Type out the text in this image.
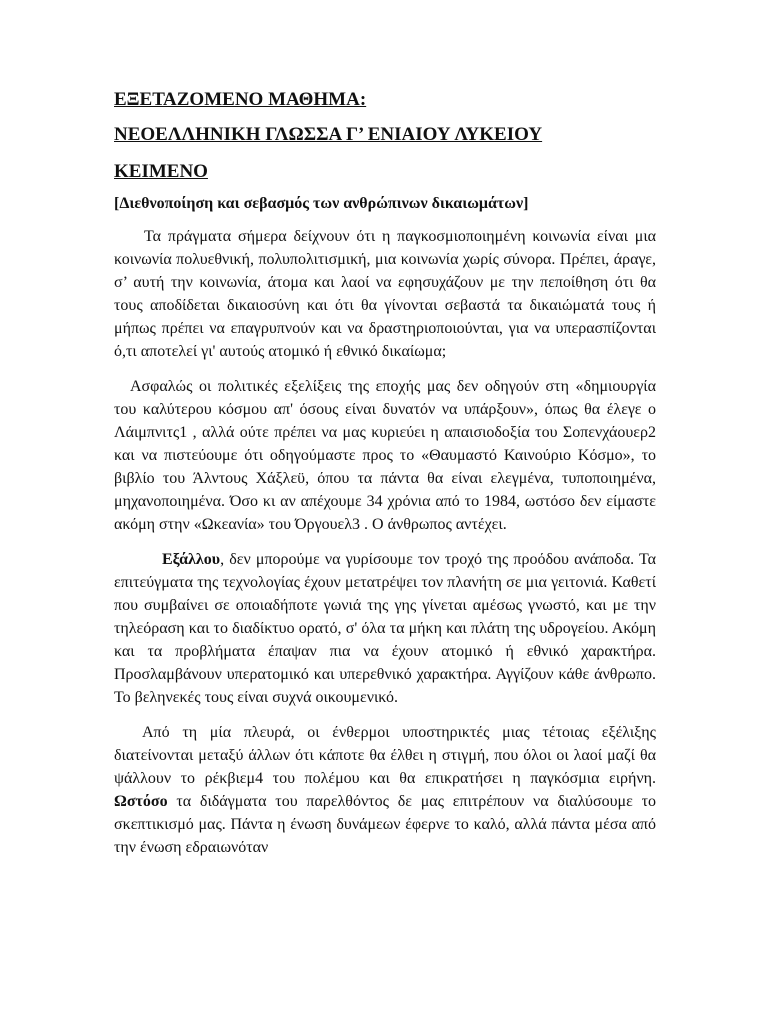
ΕΞΕΤΑΖΟΜΕΝΟ ΜΑΘΗΜΑ:

ΝΕΟΕΛΛΗΝΙΚΗ ΓΛΩΣΣΑ Γ’ ΕΝΙΑΙΟΥ ΛΥΚΕΙΟΥ

ΚΕΙΜΕΝΟ

[Διεθνοποίηση και σεβασμός των ανθρώπινων δικαιωμάτων]

Τα πράγματα σήμερα δείχνουν ότι η παγκοσμιοποιημένη κοινωνία είναι μια κοινωνία πολυεθνική, πολυπολιτισμική, μια κοινωνία χωρίς σύνορα. Πρέπει, άραγε, σ’ αυτή την κοινωνία, άτομα και λαοί να εφησυχάζουν με την πεποίθηση ότι θα τους αποδίδεται δικαιοσύνη και ότι θα γίνονται σεβαστά τα δικαιώματά τους ή μήπως πρέπει να επαγρυπνούν και να δραστηριοποιούνται, για να υπερασπίζονται ό,τι αποτελεί γι' αυτούς ατομικό ή εθνικό δικαίωμα;

Ασφαλώς οι πολιτικές εξελίξεις της εποχής μας δεν οδηγούν στη «δημιουργία του καλύτερου κόσμου απ' όσους είναι δυνατόν να υπάρξουν», όπως θα έλεγε ο Λάιμπνιτς1 , αλλά ούτε πρέπει να μας κυριεύει η απαισιοδοξία του Σοπενχάουερ2 και να πιστεύουμε ότι οδηγούμαστε προς το «Θαυμαστό Καινούριο Κόσμο», το βιβλίο του Άλντους Χάξλεϋ, όπου τα πάντα θα είναι ελεγμένα, τυποποιημένα, μηχανοποιημένα. Όσο κι αν απέχουμε 34 χρόνια από το 1984, ωστόσο δεν είμαστε ακόμη στην «Ωκεανία» του Όργουελ3 . Ο άνθρωπος αντέχει.

Εξάλλου, δεν μπορούμε να γυρίσουμε τον τροχό της προόδου ανάποδα. Τα επιτεύγματα της τεχνολογίας έχουν μετατρέψει τον πλανήτη σε μια γειτονιά. Καθετί που συμβαίνει σε οποιαδήποτε γωνιά της γης γίνεται αμέσως γνωστό, και με την τηλεόραση και το διαδίκτυο ορατό, σ' όλα τα μήκη και πλάτη της υδρογείου. Ακόμη και τα προβλήματα έπαψαν πια να έχουν ατομικό ή εθνικό χαρακτήρα. Προσλαμβάνουν υπερατομικό και υπερεθνικό χαρακτήρα. Αγγίζουν κάθε άνθρωπο. Το βεληνεκές τους είναι συχνά οικουμενικό.

Από τη μία πλευρά, οι ένθερμοι υποστηρικτές μιας τέτοιας εξέλιξης διατείνονται μεταξύ άλλων ότι κάποτε θα έλθει η στιγμή, που όλοι οι λαοί μαζί θα ψάλλουν το ρέκβιεμ4 του πολέμου και θα επικρατήσει η παγκόσμια ειρήνη. Ωστόσο τα διδάγματα του παρελθόντος δε μας επιτρέπουν να διαλύσουμε το σκεπτικισμό μας. Πάντα η ένωση δυνάμεων έφερνε το καλό, αλλά πάντα μέσα από την ένωση εδραιωνόταν
